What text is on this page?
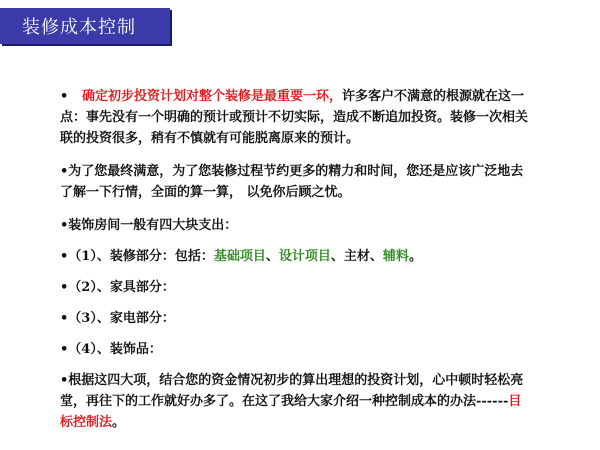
装修成本控制

• 确定初步投资计划对整个装修是最重要一环，许多客户不满意的根源就在这一点：事先没有一个明确的预计或预计不切实际，造成不断追加投资。装修一次相关联的投资很多，稍有不慎就有可能脱离原来的预计。

•为了您最终满意，为了您装修过程节约更多的精力和时间，您还是应该广泛地去了解一下行情，全面的算一算， 以免你后顾之忧。

•装饰房间一般有四大块支出：

•（1）、装修部分：包括：基础项目、设计项目、主材、辅料。

•（2）、家具部分：

•（3）、家电部分：

•（4）、装饰品：

•根据这四大项，结合您的资金情况初步的算出理想的投资计划，心中顿时轻松亮堂，再往下的工作就好办多了。在这了我给大家介绍一种控制成本的办法------目标控制法。
